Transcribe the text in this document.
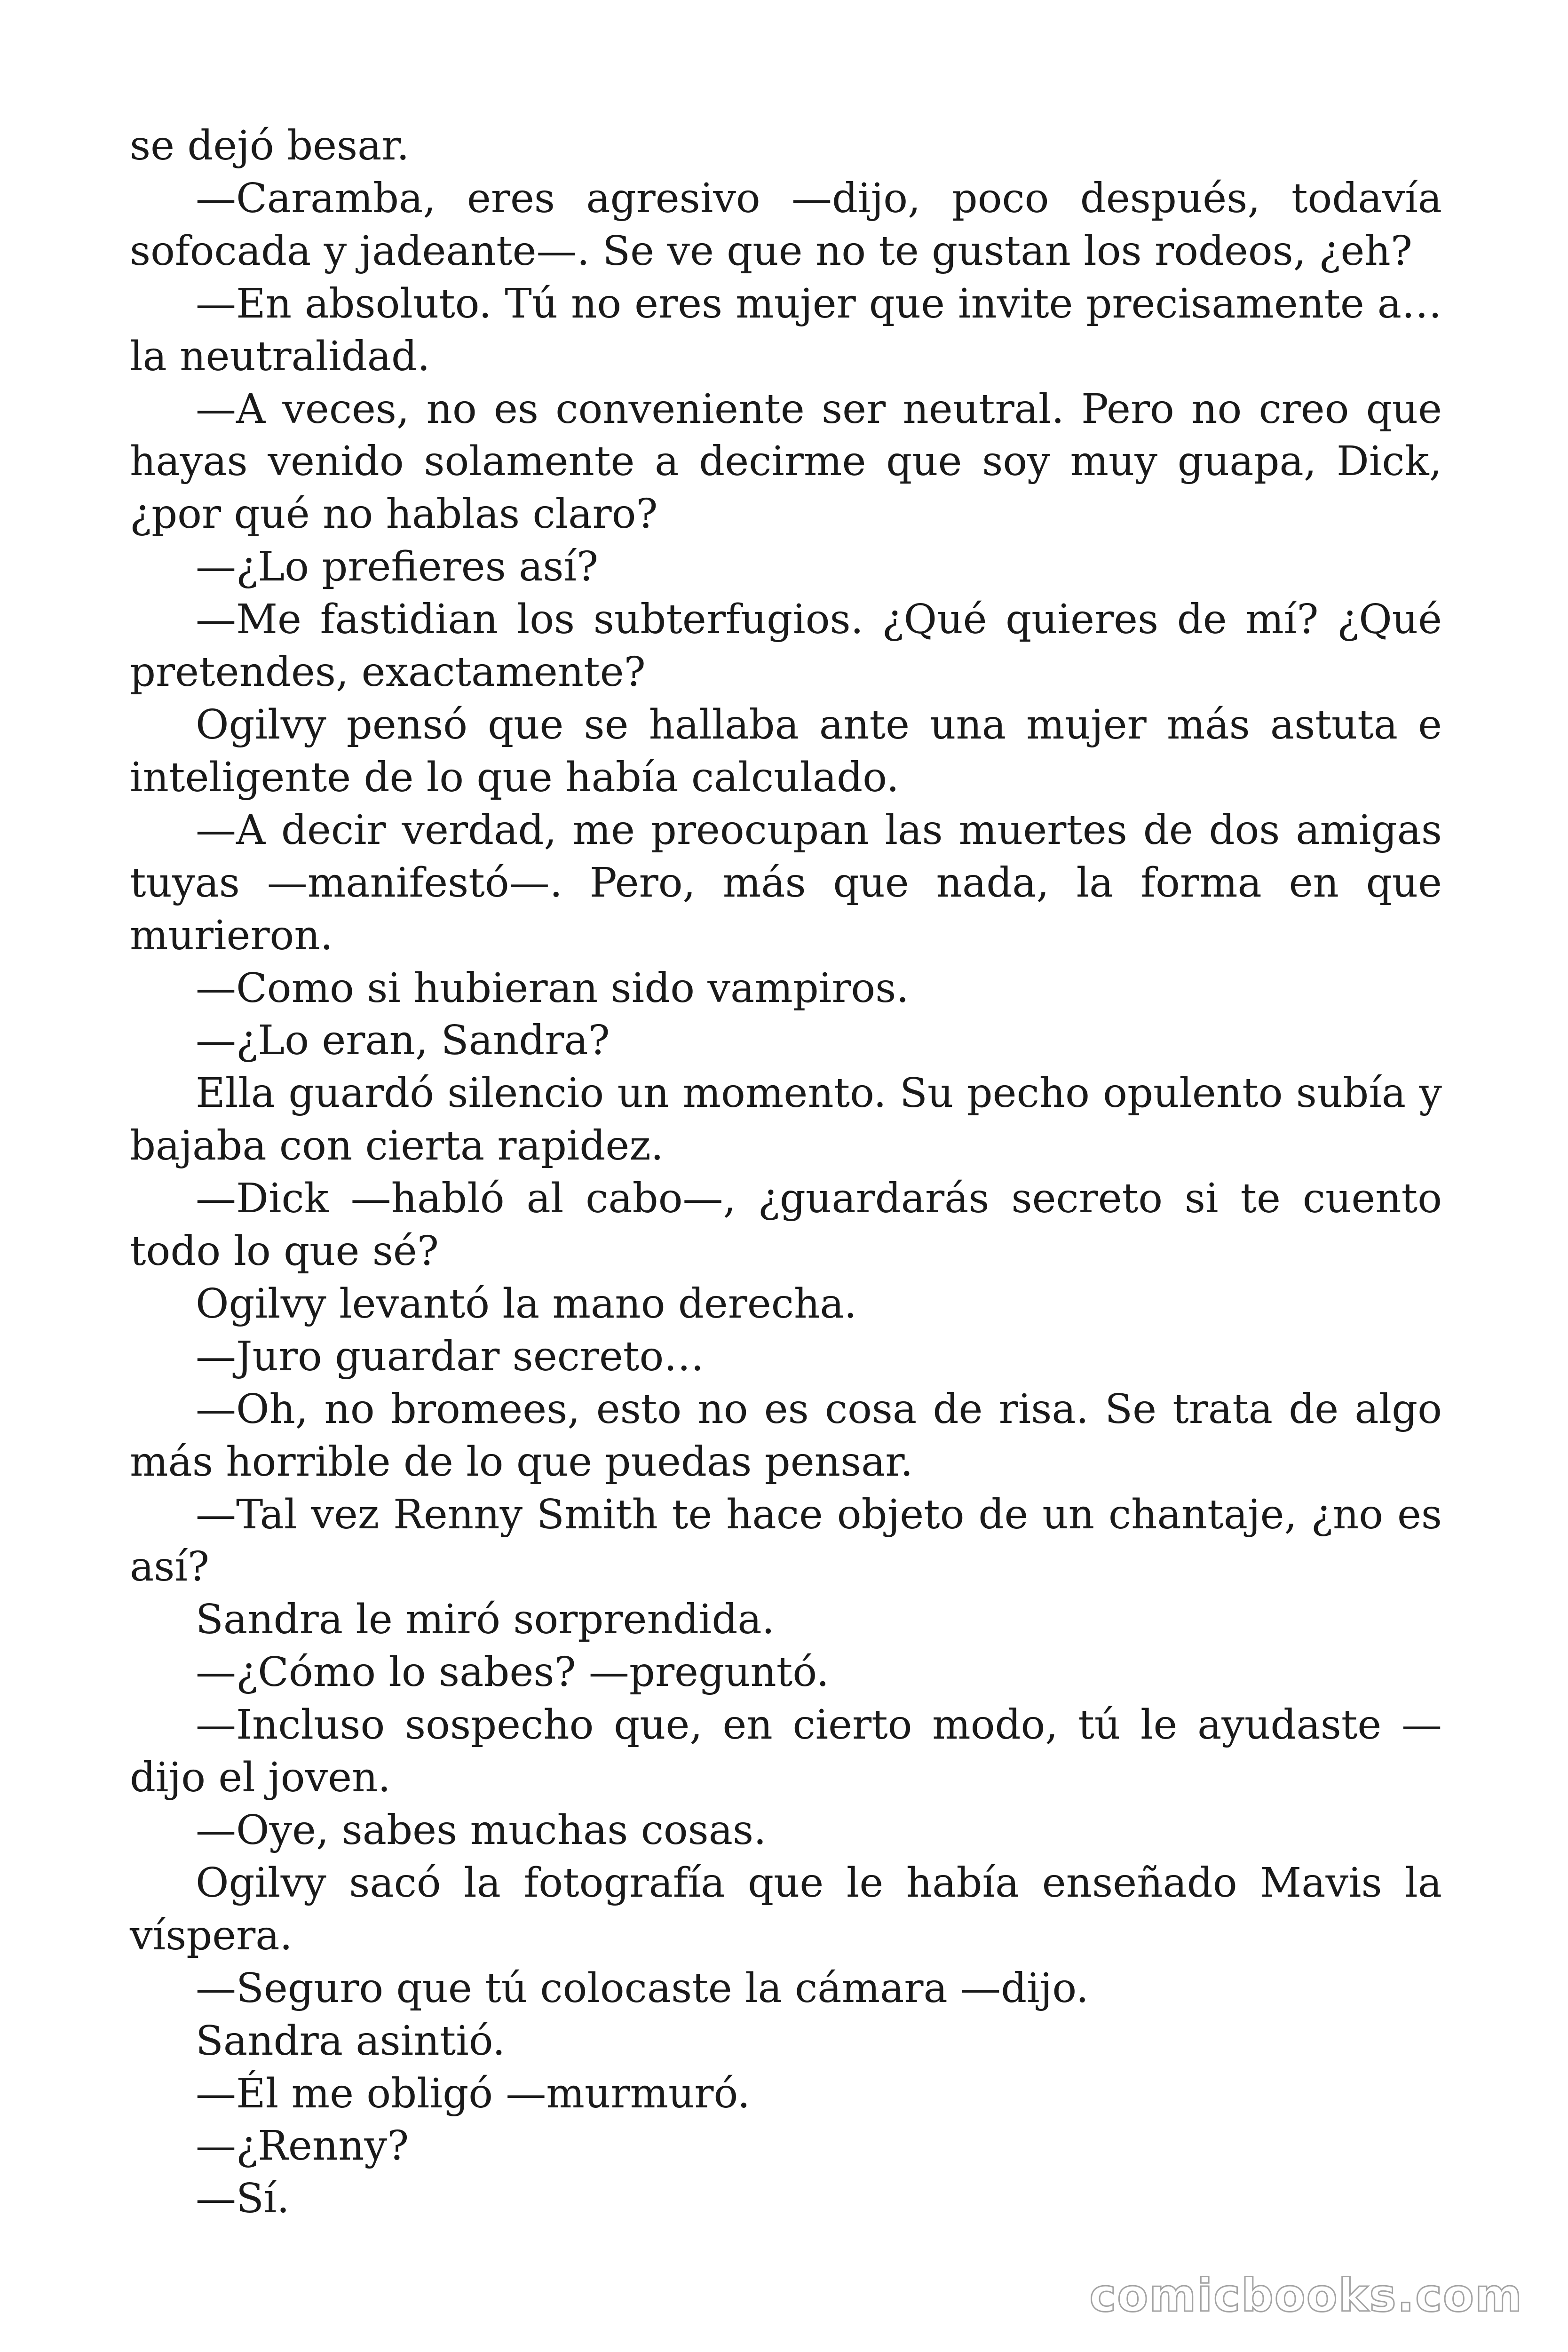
se dejó besar.

—Caramba, eres agresivo —dijo, poco después, todavía sofocada y jadeante—. Se ve que no te gustan los rodeos, ¿eh?

—En absoluto. Tú no eres mujer que invite precisamente a… la neutralidad.

—A veces, no es conveniente ser neutral. Pero no creo que hayas venido solamente a decirme que soy muy guapa, Dick, ¿por qué no hablas claro?

—¿Lo prefieres así?

—Me fastidian los subterfugios. ¿Qué quieres de mí? ¿Qué pretendes, exactamente?

Ogilvy pensó que se hallaba ante una mujer más astuta e inteligente de lo que había calculado.

—A decir verdad, me preocupan las muertes de dos amigas tuyas —manifestó—. Pero, más que nada, la forma en que murieron.

—Como si hubieran sido vampiros.

—¿Lo eran, Sandra?

Ella guardó silencio un momento. Su pecho opulento subía y bajaba con cierta rapidez.

—Dick —habló al cabo—, ¿guardarás secreto si te cuento todo lo que sé?

Ogilvy levantó la mano derecha.

—Juro guardar secreto…

—Oh, no bromees, esto no es cosa de risa. Se trata de algo más horrible de lo que puedas pensar.

—Tal vez Renny Smith te hace objeto de un chantaje, ¿no es así?

Sandra le miró sorprendida.

—¿Cómo lo sabes? —preguntó.

—Incluso sospecho que, en cierto modo, tú le ayudaste —dijo el joven.

—Oye, sabes muchas cosas.

Ogilvy sacó la fotografía que le había enseñado Mavis la víspera.

—Seguro que tú colocaste la cámara —dijo.

Sandra asintió.

—Él me obligó —murmuró.

—¿Renny?

—Sí.

comicbooks.com
